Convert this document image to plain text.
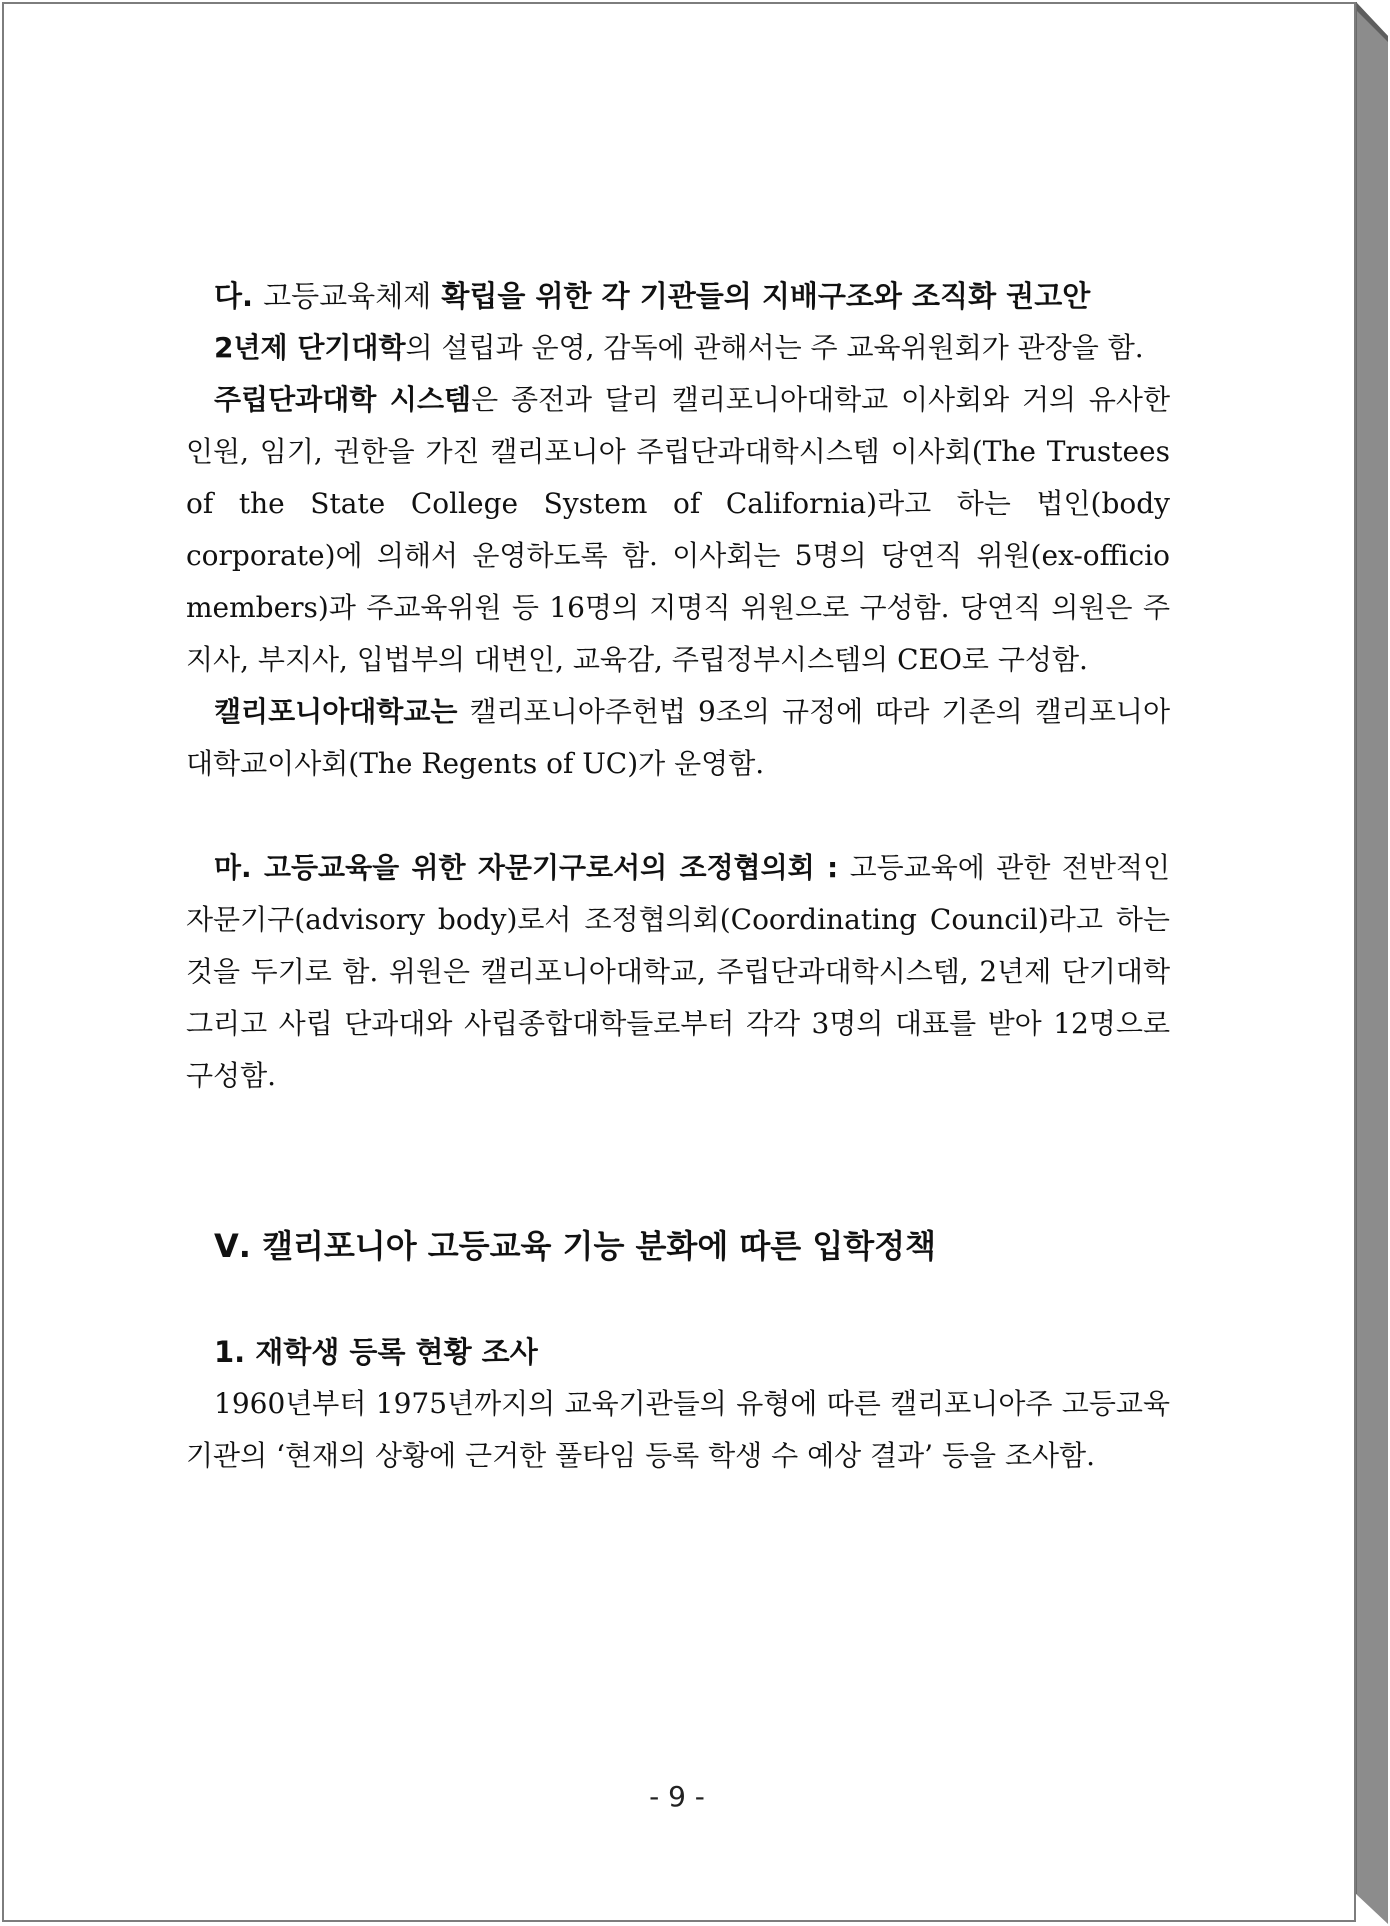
다. 고등교육체제 확립을 위한 각 기관들의 지배구조와 조직화 권고안

2년제 단기대학의 설립과 운영, 감독에 관해서는 주 교육위원회가 관장을 함.

주립단과대학 시스템은 종전과 달리 캘리포니아대학교 이사회와 거의 유사한 인원, 임기, 권한을 가진 캘리포니아 주립단과대학시스템 이사회(The Trustees of the State College System of California)라고 하는 법인(body corporate)에 의해서 운영하도록 함. 이사회는 5명의 당연직 위원(ex-officio members)과 주교육위원 등 16명의 지명직 위원으로 구성함. 당연직 의원은 주지사, 부지사, 입법부의 대변인, 교육감, 주립정부시스템의 CEO로 구성함.

캘리포니아대학교는 캘리포니아주헌법 9조의 규정에 따라 기존의 캘리포니아대학교이사회(The Regents of UC)가 운영함.

마. 고등교육을 위한 자문기구로서의 조정협의회 : 고등교육에 관한 전반적인 자문기구(advisory body)로서 조정협의회(Coordinating Council)라고 하는 것을 두기로 함. 위원은 캘리포니아대학교, 주립단과대학시스템, 2년제 단기대학 그리고 사립 단과대와 사립종합대학들로부터 각각 3명의 대표를 받아 12명으로 구성함.

Ⅴ. 캘리포니아 고등교육 기능 분화에 따른 입학정책

1. 재학생 등록 현황 조사

1960년부터 1975년까지의 교육기관들의 유형에 따른 캘리포니아주 고등교육기관의 ‘현재의 상황에 근거한 풀타임 등록 학생 수 예상 결과’ 등을 조사함.

- 9 -
